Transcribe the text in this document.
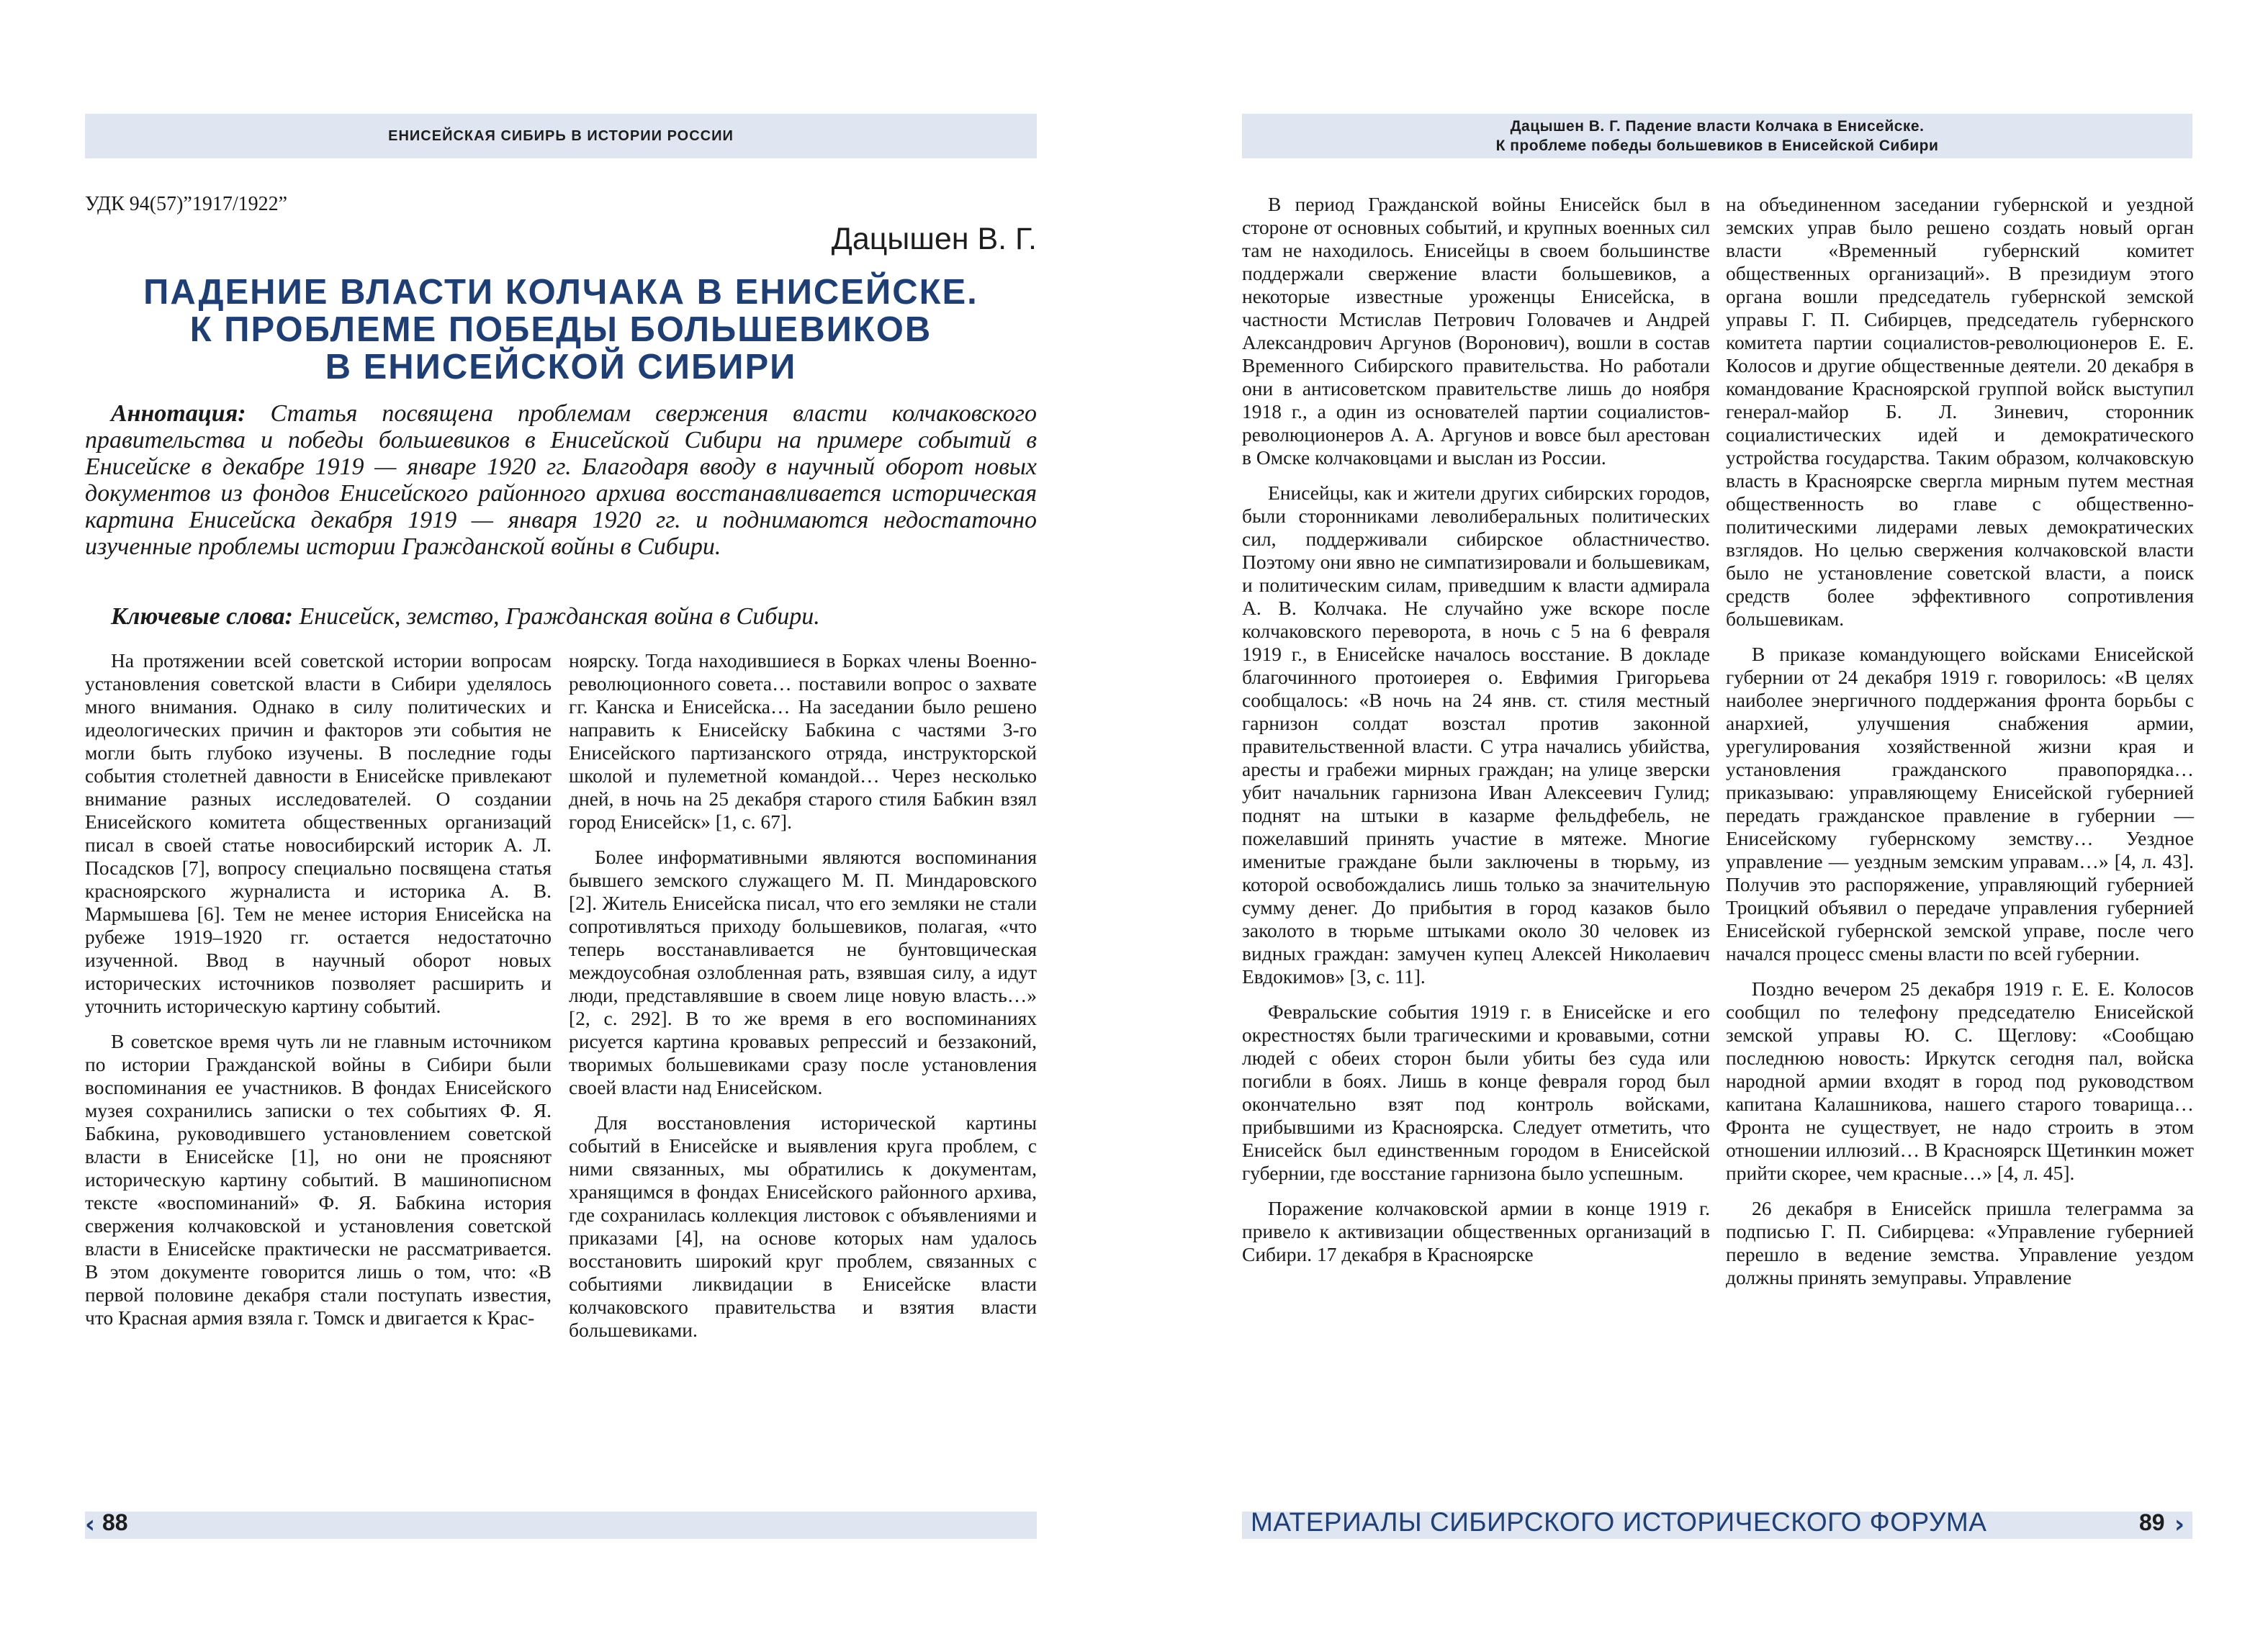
ЕНИСЕЙСКАЯ СИБИРЬ В ИСТОРИИ РОССИИ
УДК 94(57)”1917/1922”
Дацышен В. Г.
ПАДЕНИЕ ВЛАСТИ КОЛЧАКА В ЕНИСЕЙСКЕ.
К ПРОБЛЕМЕ ПОБЕДЫ БОЛЬШЕВИКОВ
В ЕНИСЕЙСКОЙ СИБИРИ
Аннотация: Статья посвящена проблемам свержения власти колчаковского правительства и победы большевиков в Енисейской Сибири на примере событий в Енисейске в декабре 1919 — январе 1920 гг. Благодаря вводу в научный оборот новых документов из фондов Енисейского районного архива восстанавливается историческая картина Енисейска декабря 1919 — января 1920 гг. и поднимаются недостаточно изученные проблемы истории Гражданской войны в Сибири.
Ключевые слова: Енисейск, земство, Гражданская война в Сибири.

На протяжении всей советской истории вопросам установления советской власти в Сибири уделялось много внимания. Однако в силу политических и идеологических причин и факторов эти события не могли быть глубоко изучены. В последние годы события столетней давности в Енисейске привлекают внимание разных исследователей. О создании Енисейского комитета общественных организаций писал в своей статье новосибирский историк А. Л. Посадсков [7], вопросу специально посвящена статья красноярского журналиста и историка А. В. Мармышева [6]. Тем не менее история Енисейска на рубеже 1919–1920 гг. остается недостаточно изученной. Ввод в научный оборот новых исторических источников позволяет расширить и уточнить историческую картину событий.

В советское время чуть ли не главным источником по истории Гражданской войны в Сибири были воспоминания ее участников. В фондах Енисейского музея сохранились записки о тех событиях Ф. Я. Бабкина, руководившего установлением советской власти в Енисейске [1], но они не проясняют историческую картину событий. В машинописном тексте «воспоминаний» Ф. Я. Бабкина история свержения колчаковской и установления советской власти в Енисейске практически не рассматривается. В этом документе говорится лишь о том, что: «В первой половине декабря стали поступать известия, что Красная армия взяла г. Томск и двигается к Крас-

ноярску. Тогда находившиеся в Борках члены Военно-революционного совета… поставили вопрос о захвате гг. Канска и Енисейска… На заседании было решено направить к Енисейску Бабкина с частями 3-го Енисейского партизанского отряда, инструкторской школой и пулеметной командой… Через несколько дней, в ночь на 25 декабря старого стиля Бабкин взял город Енисейск» [1, с. 67].

Более информативными являются воспоминания бывшего земского служащего М. П. Миндаровского [2]. Житель Енисейска писал, что его земляки не стали сопротивляться приходу большевиков, полагая, «что теперь восстанавливается не бунтовщическая междоусобная озлобленная рать, взявшая силу, а идут люди, представлявшие в своем лице новую власть…» [2, с. 292]. В то же время в его воспоминаниях рисуется картина кровавых репрессий и беззаконий, творимых большевиками сразу после установления своей власти над Енисейском.

Для восстановления исторической картины событий в Енисейске и выявления круга проблем, с ними связанных, мы обратились к документам, хранящимся в фондах Енисейского районного архива, где сохранилась коллекция листовок с объявлениями и приказами [4], на основе которых нам удалось восстановить широкий круг проблем, связанных с событиями ликвидации в Енисейске власти колчаковского правительства и взятия власти большевиками.

‹ 88
Дацышен В. Г. Падение власти Колчака в Енисейске.
К проблеме победы большевиков в Енисейской Сибири

В период Гражданской войны Енисейск был в стороне от основных событий, и крупных военных сил там не находилось. Енисейцы в своем большинстве поддержали свержение власти большевиков, а некоторые известные уроженцы Енисейска, в частности Мстислав Петрович Головачев и Андрей Александрович Аргунов (Воронович), вошли в состав Временного Сибирского правительства. Но работали они в антисоветском правительстве лишь до ноября 1918 г., а один из основателей партии социалистов-революционеров А. А. Аргунов и вовсе был арестован в Омске колчаковцами и выслан из России.

Енисейцы, как и жители других сибирских городов, были сторонниками леволиберальных политических сил, поддерживали сибирское областничество. Поэтому они явно не симпатизировали и большевикам, и политическим силам, приведшим к власти адмирала А. В. Колчака. Не случайно уже вскоре после колчаковского переворота, в ночь с 5 на 6 февраля 1919 г., в Енисейске началось восстание. В докладе благочинного протоиерея о. Евфимия Григорьева сообщалось: «В ночь на 24 янв. ст. стиля местный гарнизон солдат возстал против законной правительственной власти. С утра начались убийства, аресты и грабежи мирных граждан; на улице зверски убит начальник гарнизона Иван Алексеевич Гулид; поднят на штыки в казарме фельдфебель, не пожелавший принять участие в мятеже. Многие именитые граждане были заключены в тюрьму, из которой освобождались лишь только за значительную сумму денег. До прибытия в город казаков было заколото в тюрьме штыками около 30 человек из видных граждан: замучен купец Алексей Николаевич Евдокимов» [3, с. 11].

Февральские события 1919 г. в Енисейске и его окрестностях были трагическими и кровавыми, сотни людей с обеих сторон были убиты без суда или погибли в боях. Лишь в конце февраля город был окончательно взят под контроль войсками, прибывшими из Красноярска. Следует отметить, что Енисейск был единственным городом в Енисейской губернии, где восстание гарнизона было успешным.

Поражение колчаковской армии в конце 1919 г. привело к активизации общественных организаций в Сибири. 17 декабря в Красноярске

на объединенном заседании губернской и уездной земских управ было решено создать новый орган власти «Временный губернский комитет общественных организаций». В президиум этого органа вошли председатель губернской земской управы Г. П. Сибирцев, председатель губернского комитета партии социалистов-революционеров Е. Е. Колосов и другие общественные деятели. 20 декабря в командование Красноярской группой войск выступил генерал-майор Б. Л. Зиневич, сторонник социалистических идей и демократического устройства государства. Таким образом, колчаковскую власть в Красноярске свергла мирным путем местная общественность во главе с общественно-политическими лидерами левых демократических взглядов. Но целью свержения колчаковской власти было не установление советской власти, а поиск средств более эффективного сопротивления большевикам.

В приказе командующего войсками Енисейской губернии от 24 декабря 1919 г. говорилось: «В целях наиболее энергичного поддержания фронта борьбы с анархией, улучшения снабжения армии, урегулирования хозяйственной жизни края и установления гражданского правопорядка… приказываю: управляющему Енисейской губернией передать гражданское правление в губернии — Енисейскому губернскому земству… Уездное управление — уездным земским управам…» [4, л. 43]. Получив это распоряжение, управляющий губернией Троицкий объявил о передаче управления губернией Енисейской губернской земской управе, после чего начался процесс смены власти по всей губернии.

Поздно вечером 25 декабря 1919 г. Е. Е. Колосов сообщил по телефону председателю Енисейской земской управы Ю. С. Щеглову: «Сообщаю последнюю новость: Иркутск сегодня пал, войска народной армии входят в город под руководством капитана Калашникова, нашего старого товарища… Фронта не существует, не надо строить в этом отношении иллюзий… В Красноярск Щетинкин может прийти скорее, чем красные…» [4, л. 45].

26 декабря в Енисейск пришла телеграмма за подписью Г. П. Сибирцева: «Управление губернией перешло в ведение земства. Управление уездом должны принять земуправы. Управление

МАТЕРИАЛЫ СИБИРСКОГО ИСТОРИЧЕСКОГО ФОРУМА	89 ›
